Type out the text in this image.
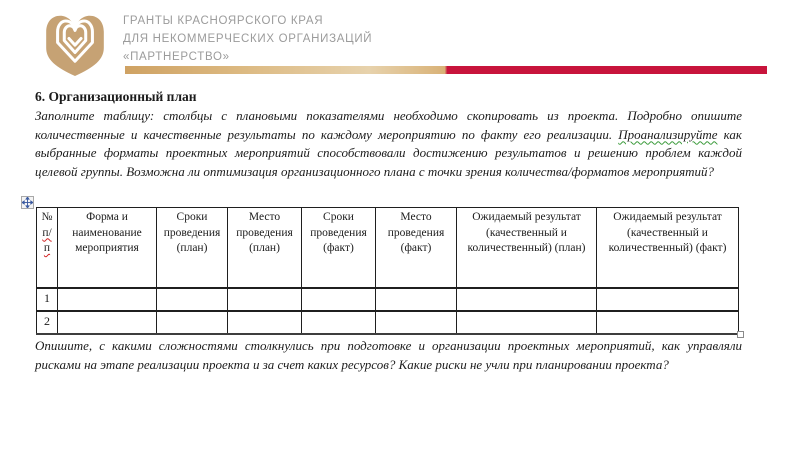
ГРАНТЫ КРАСНОЯРСКОГО КРАЯ
ДЛЯ НЕКОММЕРЧЕСКИХ ОРГАНИЗАЦИЙ
«ПАРТНЕРСТВО»
6. Организационный план
Заполните таблицу: столбцы с плановыми показателями необходимо скопировать из проекта. Подробно опишите количественные и качественные результаты по каждому мероприятию по факту его реализации. Проанализируйте как выбранные форматы проектных мероприятий способствовали достижению результатов и решению проблем каждой целевой группы. Возможна ли оптимизация организационного плана с точки зрения количества/форматов мероприятий?
№
п/п	Форма и наименование мероприятия	Сроки проведения (план)	Место проведения (план)	Сроки проведения (факт)	Место проведения (факт)	Ожидаемый результат (качественный и количественный) (план)	Ожидаемый результат (качественный и количественный) (факт)
1							
2							
Опишите, с какими сложностями столкнулись при подготовке и организации проектных мероприятий, как управляли рисками на этапе реализации проекта и за счет каких ресурсов? Какие риски не учли при планировании проекта?
